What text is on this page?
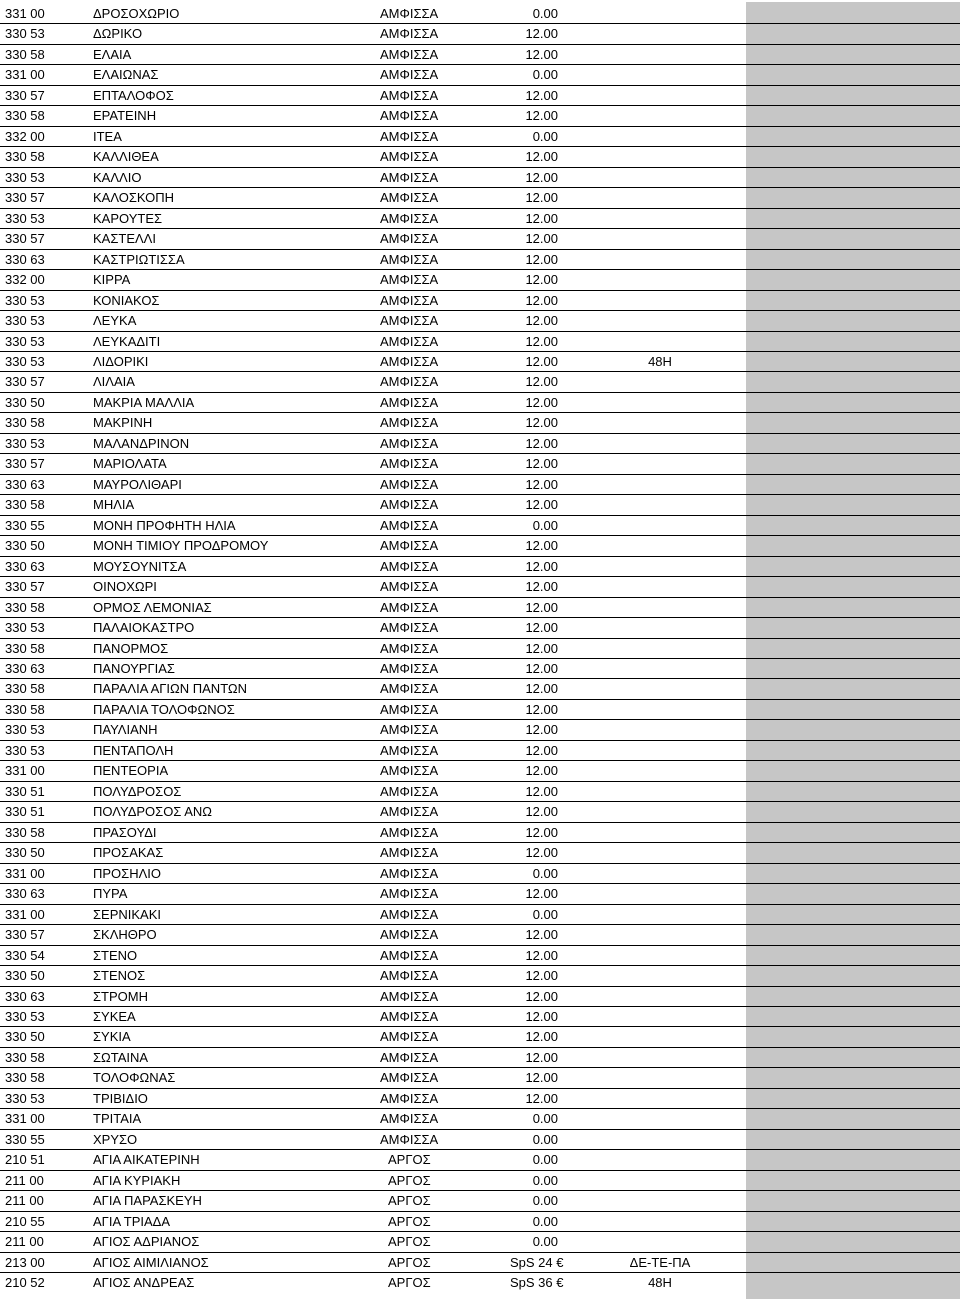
331 00	ΔΡΟΣΟΧΩΡΙΟ	ΑΜΦΙΣΣΑ	0.00
330 53	ΔΩΡΙΚΟ	ΑΜΦΙΣΣΑ	12.00
330 58	ΕΛΑΙΑ	ΑΜΦΙΣΣΑ	12.00
331 00	ΕΛΑΙΩΝΑΣ	ΑΜΦΙΣΣΑ	0.00
330 57	ΕΠΤΑΛΟΦΟΣ	ΑΜΦΙΣΣΑ	12.00
330 58	ΕΡΑΤΕΙΝΗ	ΑΜΦΙΣΣΑ	12.00
332 00	ΙΤΕΑ	ΑΜΦΙΣΣΑ	0.00
330 58	ΚΑΛΛΙΘΕΑ	ΑΜΦΙΣΣΑ	12.00
330 53	ΚΑΛΛΙΟ	ΑΜΦΙΣΣΑ	12.00
330 57	ΚΑΛΟΣΚΟΠΗ	ΑΜΦΙΣΣΑ	12.00
330 53	ΚΑΡΟΥΤΕΣ	ΑΜΦΙΣΣΑ	12.00
330 57	ΚΑΣΤΕΛΛΙ	ΑΜΦΙΣΣΑ	12.00
330 63	ΚΑΣΤΡΙΩΤΙΣΣΑ	ΑΜΦΙΣΣΑ	12.00
332 00	ΚΙΡΡΑ	ΑΜΦΙΣΣΑ	12.00
330 53	ΚΟΝΙΑΚΟΣ	ΑΜΦΙΣΣΑ	12.00
330 53	ΛΕΥΚΑ	ΑΜΦΙΣΣΑ	12.00
330 53	ΛΕΥΚΑΔΙΤΙ	ΑΜΦΙΣΣΑ	12.00
330 53	ΛΙΔΟΡΙΚΙ	ΑΜΦΙΣΣΑ	12.00	48H
330 57	ΛΙΛΑΙΑ	ΑΜΦΙΣΣΑ	12.00
330 50	ΜΑΚΡΙΑ ΜΑΛΛΙΑ	ΑΜΦΙΣΣΑ	12.00
330 58	ΜΑΚΡΙΝΗ	ΑΜΦΙΣΣΑ	12.00
330 53	ΜΑΛΑΝΔΡΙΝΟΝ	ΑΜΦΙΣΣΑ	12.00
330 57	ΜΑΡΙΟΛΑΤΑ	ΑΜΦΙΣΣΑ	12.00
330 63	ΜΑΥΡΟΛΙΘΑΡΙ	ΑΜΦΙΣΣΑ	12.00
330 58	ΜΗΛΙΑ	ΑΜΦΙΣΣΑ	12.00
330 55	ΜΟΝΗ ΠΡΟΦΗΤΗ ΗΛΙΑ	ΑΜΦΙΣΣΑ	0.00
330 50	ΜΟΝΗ ΤΙΜΙΟΥ ΠΡΟΔΡΟΜΟΥ	ΑΜΦΙΣΣΑ	12.00
330 63	ΜΟΥΣΟΥΝΙΤΣΑ	ΑΜΦΙΣΣΑ	12.00
330 57	ΟΙΝΟΧΩΡΙ	ΑΜΦΙΣΣΑ	12.00
330 58	ΟΡΜΟΣ ΛΕΜΟΝΙΑΣ	ΑΜΦΙΣΣΑ	12.00
330 53	ΠΑΛΑΙΟΚΑΣΤΡΟ	ΑΜΦΙΣΣΑ	12.00
330 58	ΠΑΝΟΡΜΟΣ	ΑΜΦΙΣΣΑ	12.00
330 63	ΠΑΝΟΥΡΓΙΑΣ	ΑΜΦΙΣΣΑ	12.00
330 58	ΠΑΡΑΛΙΑ ΑΓΙΩΝ ΠΑΝΤΩΝ	ΑΜΦΙΣΣΑ	12.00
330 58	ΠΑΡΑΛΙΑ ΤΟΛΟΦΩΝΟΣ	ΑΜΦΙΣΣΑ	12.00
330 53	ΠΑΥΛΙΑΝΗ	ΑΜΦΙΣΣΑ	12.00
330 53	ΠΕΝΤΑΠΟΛΗ	ΑΜΦΙΣΣΑ	12.00
331 00	ΠΕΝΤΕΟΡΙΑ	ΑΜΦΙΣΣΑ	12.00
330 51	ΠΟΛΥΔΡΟΣΟΣ	ΑΜΦΙΣΣΑ	12.00
330 51	ΠΟΛΥΔΡΟΣΟΣ ΑΝΩ	ΑΜΦΙΣΣΑ	12.00
330 58	ΠΡΑΣΟΥΔΙ	ΑΜΦΙΣΣΑ	12.00
330 50	ΠΡΟΣΑΚΑΣ	ΑΜΦΙΣΣΑ	12.00
331 00	ΠΡΟΣΗΛΙΟ	ΑΜΦΙΣΣΑ	0.00
330 63	ΠΥΡΑ	ΑΜΦΙΣΣΑ	12.00
331 00	ΣΕΡΝΙΚΑΚΙ	ΑΜΦΙΣΣΑ	0.00
330 57	ΣΚΛΗΘΡΟ	ΑΜΦΙΣΣΑ	12.00
330 54	ΣΤΕΝΟ	ΑΜΦΙΣΣΑ	12.00
330 50	ΣΤΕΝΟΣ	ΑΜΦΙΣΣΑ	12.00
330 63	ΣΤΡΟΜΗ	ΑΜΦΙΣΣΑ	12.00
330 53	ΣΥΚΕΑ	ΑΜΦΙΣΣΑ	12.00
330 50	ΣΥΚΙΑ	ΑΜΦΙΣΣΑ	12.00
330 58	ΣΩΤΑΙΝΑ	ΑΜΦΙΣΣΑ	12.00
330 58	ΤΟΛΟΦΩΝΑΣ	ΑΜΦΙΣΣΑ	12.00
330 53	ΤΡΙΒΙΔΙΟ	ΑΜΦΙΣΣΑ	12.00
331 00	ΤΡΙΤΑΙΑ	ΑΜΦΙΣΣΑ	0.00
330 55	ΧΡΥΣΟ	ΑΜΦΙΣΣΑ	0.00
210 51	ΑΓΙΑ ΑΙΚΑΤΕΡΙΝΗ	ΑΡΓΟΣ	0.00
211 00	ΑΓΙΑ ΚΥΡΙΑΚΗ	ΑΡΓΟΣ	0.00
211 00	ΑΓΙΑ ΠΑΡΑΣΚΕΥΗ	ΑΡΓΟΣ	0.00
210 55	ΑΓΙΑ ΤΡΙΑΔΑ	ΑΡΓΟΣ	0.00
211 00	ΑΓΙΟΣ ΑΔΡΙΑΝΟΣ	ΑΡΓΟΣ	0.00
213 00	ΑΓΙΟΣ ΑΙΜΙΛΙΑΝΟΣ	ΑΡΓΟΣ	SpS 24 €	ΔΕ-ΤΕ-ΠΑ
210 52	ΑΓΙΟΣ ΑΝΔΡΕΑΣ	ΑΡΓΟΣ	SpS 36 €	48H
